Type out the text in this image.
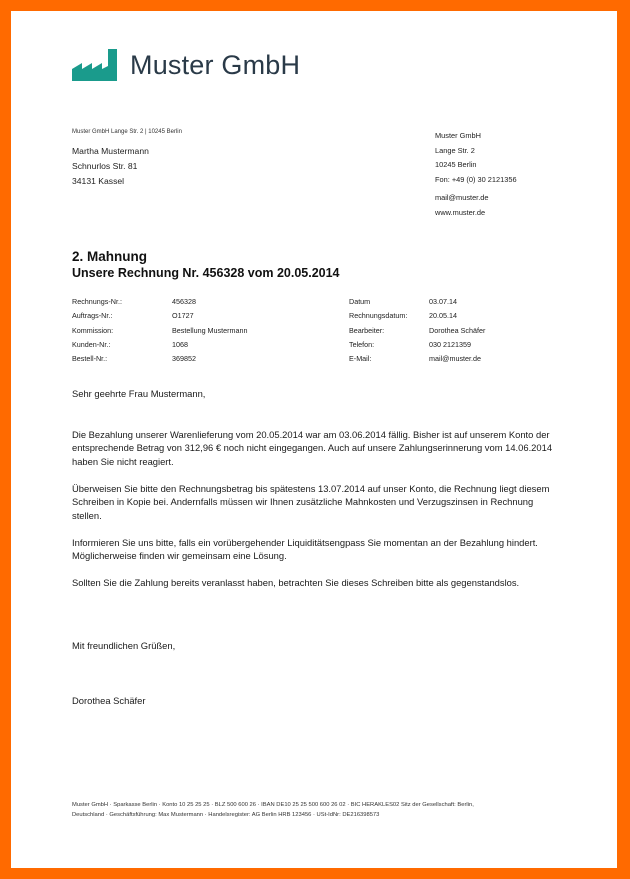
Muster GmbH
Muster GmbH Lange Str. 2 | 10245 Berlin
Martha Mustermann
Schnurlos Str. 81
34131 Kassel
Muster GmbH
Lange Str. 2
10245 Berlin
Fon: +49 (0) 30 2121356
mail@muster.de
www.muster.de
2. Mahnung
Unsere Rechnung Nr. 456328 vom 20.05.2014
Rechnungs-Nr.:	456328
Auftrags-Nr.:	O1727
Kommission:	Bestellung Mustermann
Kunden-Nr.:	1068
Bestell-Nr.:	369852
Datum	03.07.14
Rechnungsdatum:	20.05.14
Bearbeiter:	Dorothea Schäfer
Telefon:	030 2121359
E-Mail:	mail@muster.de

Sehr geehrte Frau Mustermann,

Die Bezahlung unserer Warenlieferung vom 20.05.2014 war am 03.06.2014 fällig. Bisher ist auf unserem Konto der entsprechende Betrag von 312,96 € noch nicht eingegangen. Auch auf unsere Zahlungserinnerung vom 14.06.2014 haben Sie nicht reagiert.

Überweisen Sie bitte den Rechnungsbetrag bis spätestens 13.07.2014 auf unser Konto, die Rechnung liegt diesem Schreiben in Kopie bei. Andernfalls müssen wir Ihnen zusätzliche Mahnkosten und Verzugszinsen in Rechnung stellen.

Informieren Sie uns bitte, falls ein vorübergehender Liquiditätsengpass Sie momentan an der Bezahlung hindert. Möglicherweise finden wir gemeinsam eine Lösung.

Sollten Sie die Zahlung bereits veranlasst haben, betrachten Sie dieses Schreiben bitte als gegenstandslos.

Mit freundlichen Grüßen,
Dorothea Schäfer
Muster GmbH · Sparkasse Berlin · Konto 10 25 25 25 · BLZ 500 600 26 · IBAN DE10 25 25 500 600 26 02 · BIC HERAKLES02 Sitz der Gesellschaft: Berlin,
Deutschland · Geschäftsführung: Max Mustermann · Handelsregister: AG Berlin HRB 123456 · USt-IdNr: DE216398573
